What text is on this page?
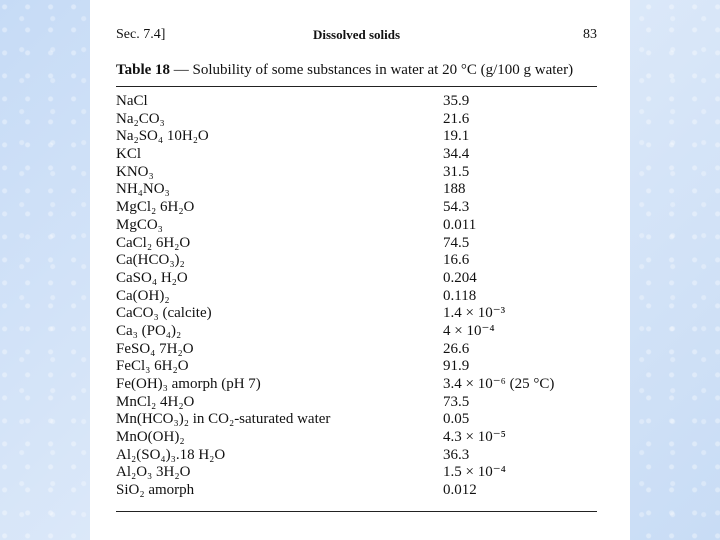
Sec. 7.4]	Dissolved solids	83
Table 18 — Solubility of some substances in water at 20 °C (g/100 g water)
NaCl	35.9
Na₂CO₃	21.6
Na₂SO₄ 10H₂O	19.1
KCl	34.4
KNO₃	31.5
NH₄NO₃	188
MgCl₂ 6H₂O	54.3
MgCO₃	0.011
CaCl₂ 6H₂O	74.5
Ca(HCO₃)₂	16.6
CaSO₄ H₂O	0.204
Ca(OH)₂	0.118
CaCO₃ (calcite)	1.4 × 10⁻³
Ca₃ (PO₄)₂	4 × 10⁻⁴
FeSO₄ 7H₂O	26.6
FeCl₃ 6H₂O	91.9
Fe(OH)₃ amorph (pH 7)	3.4 × 10⁻⁶ (25 °C)
MnCl₂ 4H₂O	73.5
Mn(HCO₃)₂ in CO₂-saturated water	0.05
MnO(OH)₂	4.3 × 10⁻⁵
Al₂(SO₄)₃.18 H₂O	36.3
Al₂O₃ 3H₂O	1.5 × 10⁻⁴
SiO₂ amorph	0.012
